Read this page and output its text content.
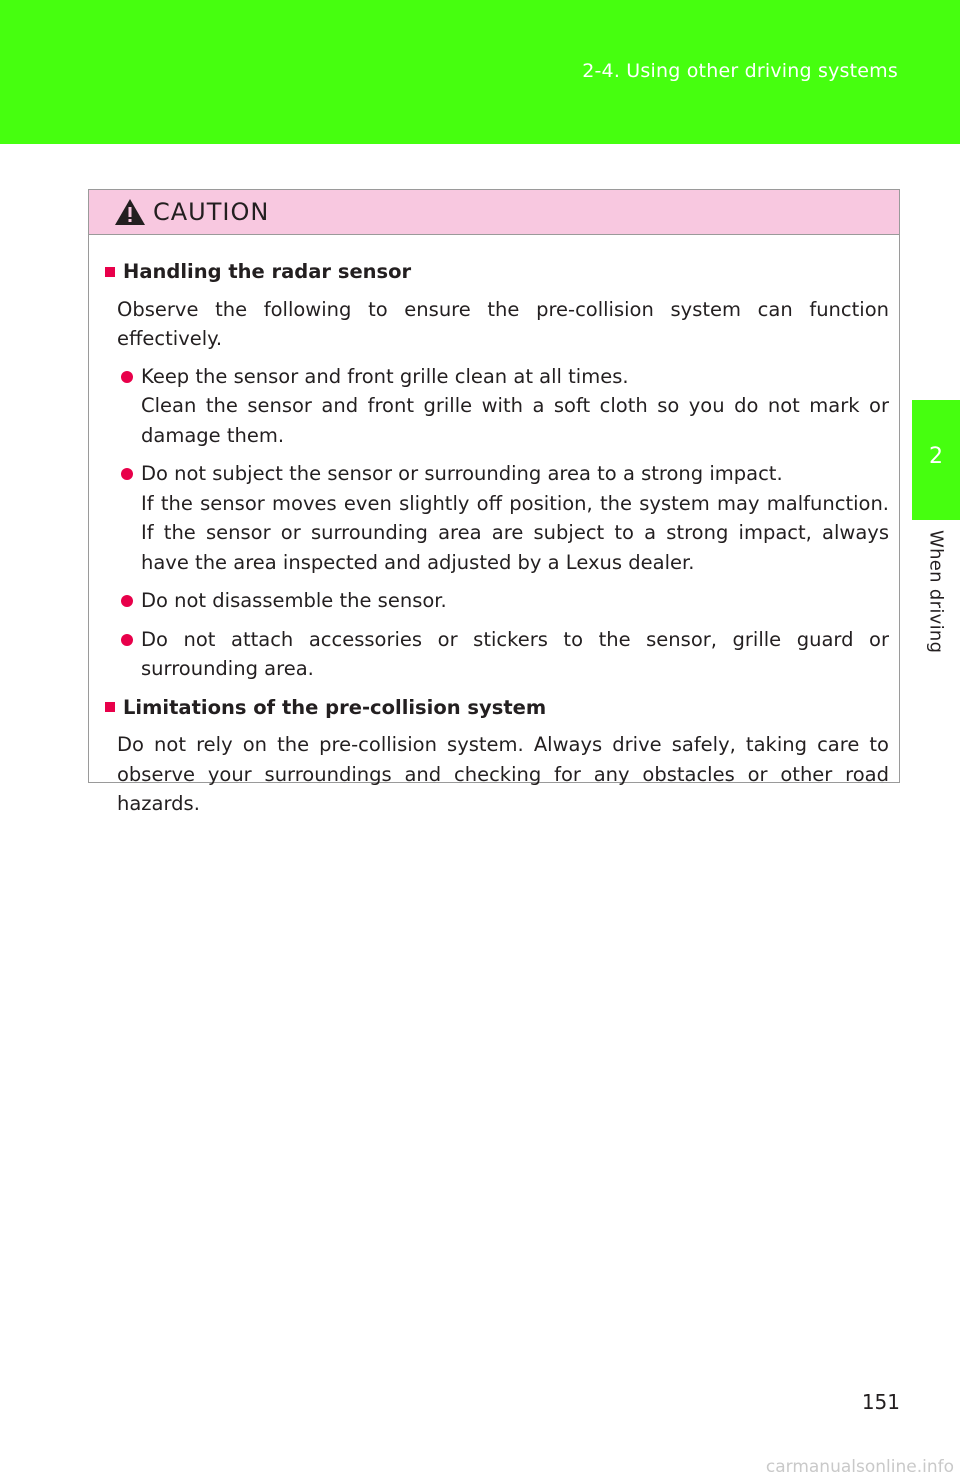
2-4. Using other driving systems
2
When driving
CAUTION
Handling the radar sensor
Observe the following to ensure the pre-collision system can function effectively.
Keep the sensor and front grille clean at all times.
Clean the sensor and front grille with a soft cloth so you do not mark or damage them.
Do not subject the sensor or surrounding area to a strong impact.
If the sensor moves even slightly off position, the system may malfunction. If the sensor or surrounding area are subject to a strong impact, always have the area inspected and adjusted by a Lexus dealer.
Do not disassemble the sensor.
Do not attach accessories or stickers to the sensor, grille guard or surrounding area.
Limitations of the pre-collision system
Do not rely on the pre-collision system. Always drive safely, taking care to observe your surroundings and checking for any obstacles or other road hazards.
151
carmanualsonline.info
